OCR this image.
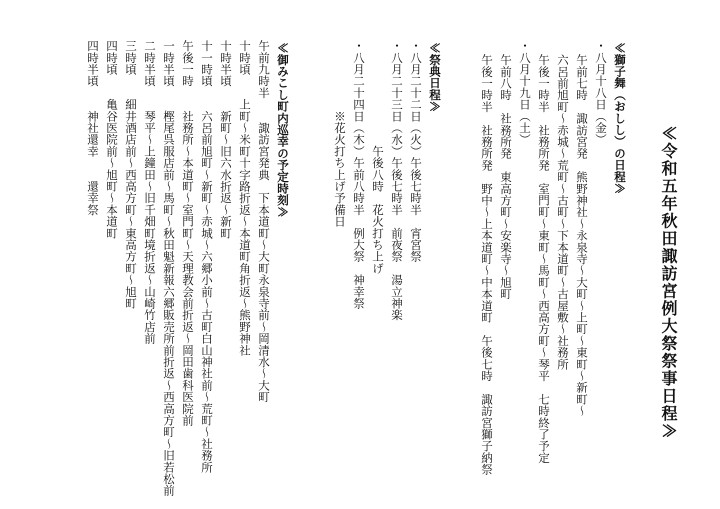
≪令和五年秋田諏訪宮例大祭祭事日程≫
≪獅子舞（おしし）の日程≫
・八月十八日（金）
午前七時　諏訪宮発　熊野神社～永泉寺～大町～上町～東町～新町～
六呂前旭町～赤城～荒町～古町～下本道町～古屋敷～社務所
午後一時半　社務所発　室門町～東町～馬町～西高方町～琴平　七時終了予定
・八月十九日（土）
午前八時　社務所発　東高方町～安楽寺～旭町
午後一時半　社務所発　野中～上本道町～中本道町　午後七時　諏訪宮獅子納祭
≪祭典日程≫
・八月二十二日（火）午後七時半　宵宮祭
・八月二十三日（水）午後七時半　前夜祭　湯立神楽
　　　　　　　　　午後八時　花火打ち上げ
・八月二十四日（木）午前八時半　例大祭　神幸祭
　　　　　　※花火打ち上げ予備日
≪御みこし町内巡幸の予定時刻≫
午前九時半　　諏訪宮発典　下本道町～大町永泉寺前～岡清水～大町
十時頃　　上町～米町十字路折返～本道町角折返～熊野神社
十時半頃　　新町～旧六水折返～新町
十一時頃　　六呂前旭町～新町～赤城～六郷小前～古町白山神社前～荒町～社務所
午後一時　　社務所～本道町～室門町～天理教会前折返～岡田歯科医院前
一時半頃　　樫尾呉服店前～馬町～秋田魁新報六郷販売所前折返～西高方町～旧若松前
二時半頃　　琴平～上鐘田～旧千畑町境折返～山崎竹店前
三時頃　　細井酒店前～西高方町～東高方町～旭町
四時頃　　亀谷医院前～旭町～本道町
四時半頃　　神社還幸　　還幸祭
